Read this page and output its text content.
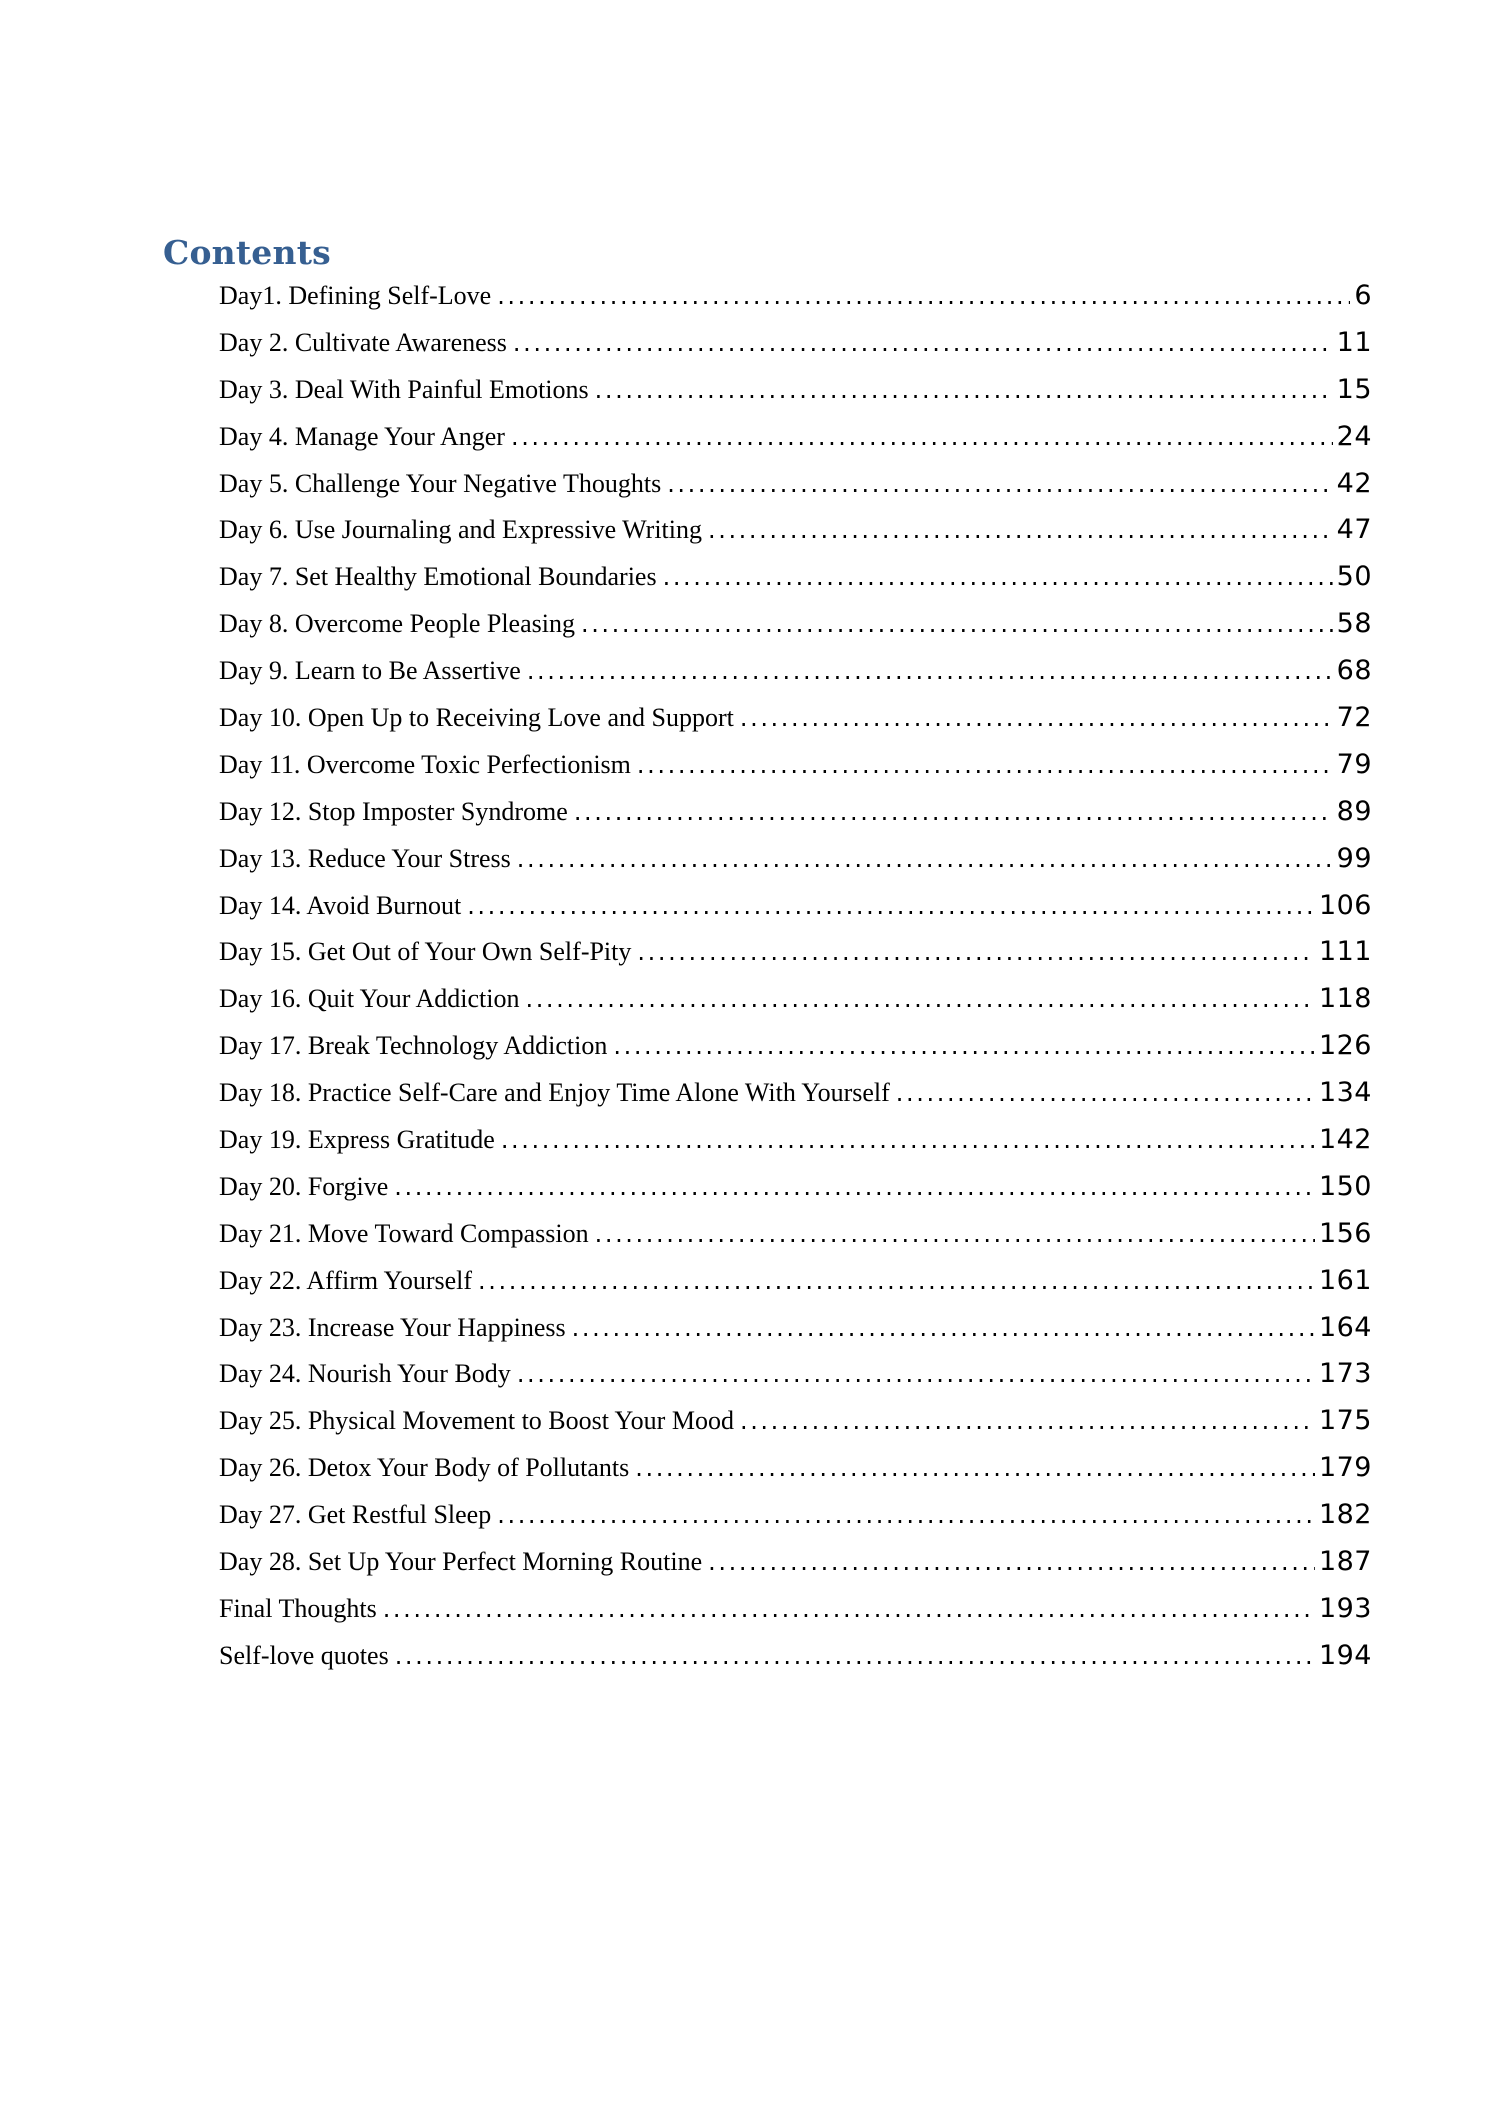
Contents
Day1. Defining Self-Love .....	6
Day 2. Cultivate Awareness .....	11
Day 3. Deal With Painful Emotions .....	15
Day 4. Manage Your Anger .....	24
Day 5. Challenge Your Negative Thoughts .....	42
Day 6. Use Journaling and Expressive Writing .....	47
Day 7. Set Healthy Emotional Boundaries .....	50
Day 8. Overcome People Pleasing .....	58
Day 9. Learn to Be Assertive .....	68
Day 10. Open Up to Receiving Love and Support .....	72
Day 11. Overcome Toxic Perfectionism .....	79
Day 12. Stop Imposter Syndrome .....	89
Day 13. Reduce Your Stress .....	99
Day 14. Avoid Burnout .....	106
Day 15. Get Out of Your Own Self-Pity .....	111
Day 16. Quit Your Addiction .....	118
Day 17. Break Technology Addiction .....	126
Day 18. Practice Self-Care and Enjoy Time Alone With Yourself .....	134
Day 19. Express Gratitude .....	142
Day 20. Forgive .....	150
Day 21. Move Toward Compassion .....	156
Day 22. Affirm Yourself .....	161
Day 23. Increase Your Happiness .....	164
Day 24. Nourish Your Body .....	173
Day 25. Physical Movement to Boost Your Mood .....	175
Day 26. Detox Your Body of Pollutants .....	179
Day 27. Get Restful Sleep .....	182
Day 28. Set Up Your Perfect Morning Routine .....	187
Final Thoughts .....	193
Self-love quotes .....	194
